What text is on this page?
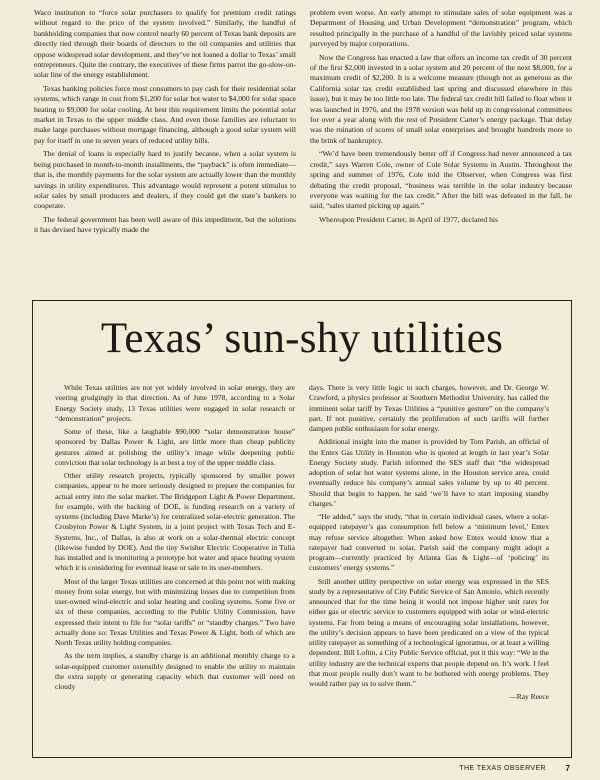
Waco institution to “force solar purchasers to qualify for premium credit ratings without regard to the price of the system involved.” Similarly, the handful of bankholding companies that now control nearly 60 percent of Texas bank deposits are directly tied through their boards of directors to the oil companies and utilities that oppose widespread solar development, and they’ve not loaned a dollar to Texas’ small entrepreneurs. Quite the contrary, the executives of these firms parrot the go-slow-on-solar line of the energy establishment.

Texas banking policies force most consumers to pay cash for their residential solar systems, which range in cost from $1,200 for solar hot water to $4,000 for solar space heating to $9,000 for solar cooling. At best this requirement limits the potential solar market in Texas to the upper middle class. And even those families are reluctant to make large purchases without mortgage financing, although a good solar system will pay for itself in one to seven years of reduced utility bills.

The denial of loans is especially hard to justify because, when a solar system is being purchased in month-to-month installments, the “payback” is often immediate—that is, the monthly payments for the solar system are actually lower than the monthly savings in utility expenditures. This advantage would represent a potent stimulus to solar sales by small producers and dealers, if they could get the state’s bankers to cooperate.

The federal government has been well aware of this impediment, but the solutions it has devised have typically made the

problem even worse. An early attempt to stimulate sales of solar equipment was a Department of Housing and Urban Development “demonstration” program, which resulted principally in the purchase of a handful of the lavishly priced solar systems purveyed by major corporations.

Now the Congress has enacted a law that offers an income tax credit of 30 percent of the first $2,000 invested in a solar system and 20 percent of the next $8,000, for a maximum credit of $2,200. It is a welcome measure (though not as generous as the California solar tax credit established last spring and discussed elsewhere in this issue), but it may be too little too late. The federal tax credit bill failed to float when it was launched in 1976, and the 1978 version was held up in congressional committees for over a year along with the rest of President Carter’s energy package. That delay was the ruination of scores of small solar enterprises and brought hundreds more to the brink of bankruptcy.

“We’d have been tremendously better off if Congress had never announced a tax credit,” says Warren Cole, owner of Cole Solar Systems in Austin. Throughout the spring and summer of 1976, Cole told the Observer, when Congress was first debating the credit proposal, “business was terrible in the solar industry because everyone was waiting for the tax credit.” After the bill was defeated in the fall, he said, “sales started picking up again.”

Whereupon President Carter, in April of 1977, declared his

Texas’ sun-shy utilities

While Texas utilities are not yet widely involved in solar energy, they are veering grudgingly in that direction. As of June 1978, according to a Solar Energy Society study, 13 Texas utilities were engaged in solar research or “demonstration” projects.

Some of these, like a laughable $90,000 “solar demonstration house” sponsored by Dallas Power & Light, are little more than cheap publicity gestures aimed at polishing the utility’s image while deepening public conviction that solar technology is at best a toy of the upper middle class.

Other utility research projects, typically sponsored by smaller power companies, appear to be more seriously designed to prepare the companies for actual entry into the solar market. The Bridgeport Light & Power Department, for example, with the backing of DOE, is funding research on a variety of systems (including Dave Marke’s) for centralized solar-electric generation. The Crosbyton Power & Light System, in a joint project with Texas Tech and E-Systems, Inc., of Dallas, is also at work on a solar-thermal electric concept (likewise funded by DOE). And the tiny Swisher Electric Cooperative in Tulia has installed and is monitoring a prototype hot water and space heating system which it is considering for eventual lease or sale to its user-members.

Most of the larger Texas utilities are concerned at this point not with making money from solar energy, but with minimizing losses due to competition from user-owned wind-electric and solar heating and cooling systems. Some five or six of these companies, according to the Public Utility Commission, have expressed their intent to file for “solar tariffs” or “standby charges.” Two have actually done so: Texas Utilities and Texas Power & Light, both of which are North Texas utility holding companies.

As the term implies, a standby charge is an additional monthly charge to a solar-equipped customer ostensibly designed to enable the utility to maintain the extra supply or generating capacity which that customer will need on cloudy

days. There is very little logic to such charges, however, and Dr. George W. Crawford, a physics professor at Southern Methodist University, has called the imminent solar tariff by Texas Utilities a “punitive gesture” on the company’s part. If not punitive, certainly the proliferation of such tariffs will further dampen public enthusiasm for solar energy.

Additional insight into the matter is provided by Tom Parish, an official of the Entex Gas Utility in Houston who is quoted at length in last year’s Solar Energy Society study. Parish informed the SES staff that “the widespread adoption of solar hot water systems alone, in the Houston service area, could eventually reduce his company’s annual sales volume by up to 40 percent. Should that begin to happen, he said ‘we’ll have to start imposing standby charges.’

“He added,” says the study, “that in certain individual cases, where a solar-equipped ratepayer’s gas consumption fell below a ‘minimum level,’ Entex may refuse service altogether. When asked how Entex would know that a ratepayer had converted to solar, Parish said the company might adopt a program—currently practiced by Atlanta Gas & Light—of ‘policing’ its customers’ energy systems.”

Still another utility perspective on solar energy was expressed in the SES study by a representative of City Public Service of San Antonio, which recently announced that for the time being it would not impose higher unit rates for either gas or electric service to customers equipped with solar or wind-electric systems. Far from being a means of encouraging solar installations, however, the utility’s decision appears to have been predicated on a view of the typical utility ratepayer as something of a technological ignoramus, or at least a willing dependent. Bill Loftin, a City Public Service official, put it this way: “We in the utility industry are the technical experts that people depend on. It’s work. I feel that most people really don’t want to be bothered with energy problems. They would rather pay us to solve them.”

—Ray Reece

THE TEXAS OBSERVER 7
